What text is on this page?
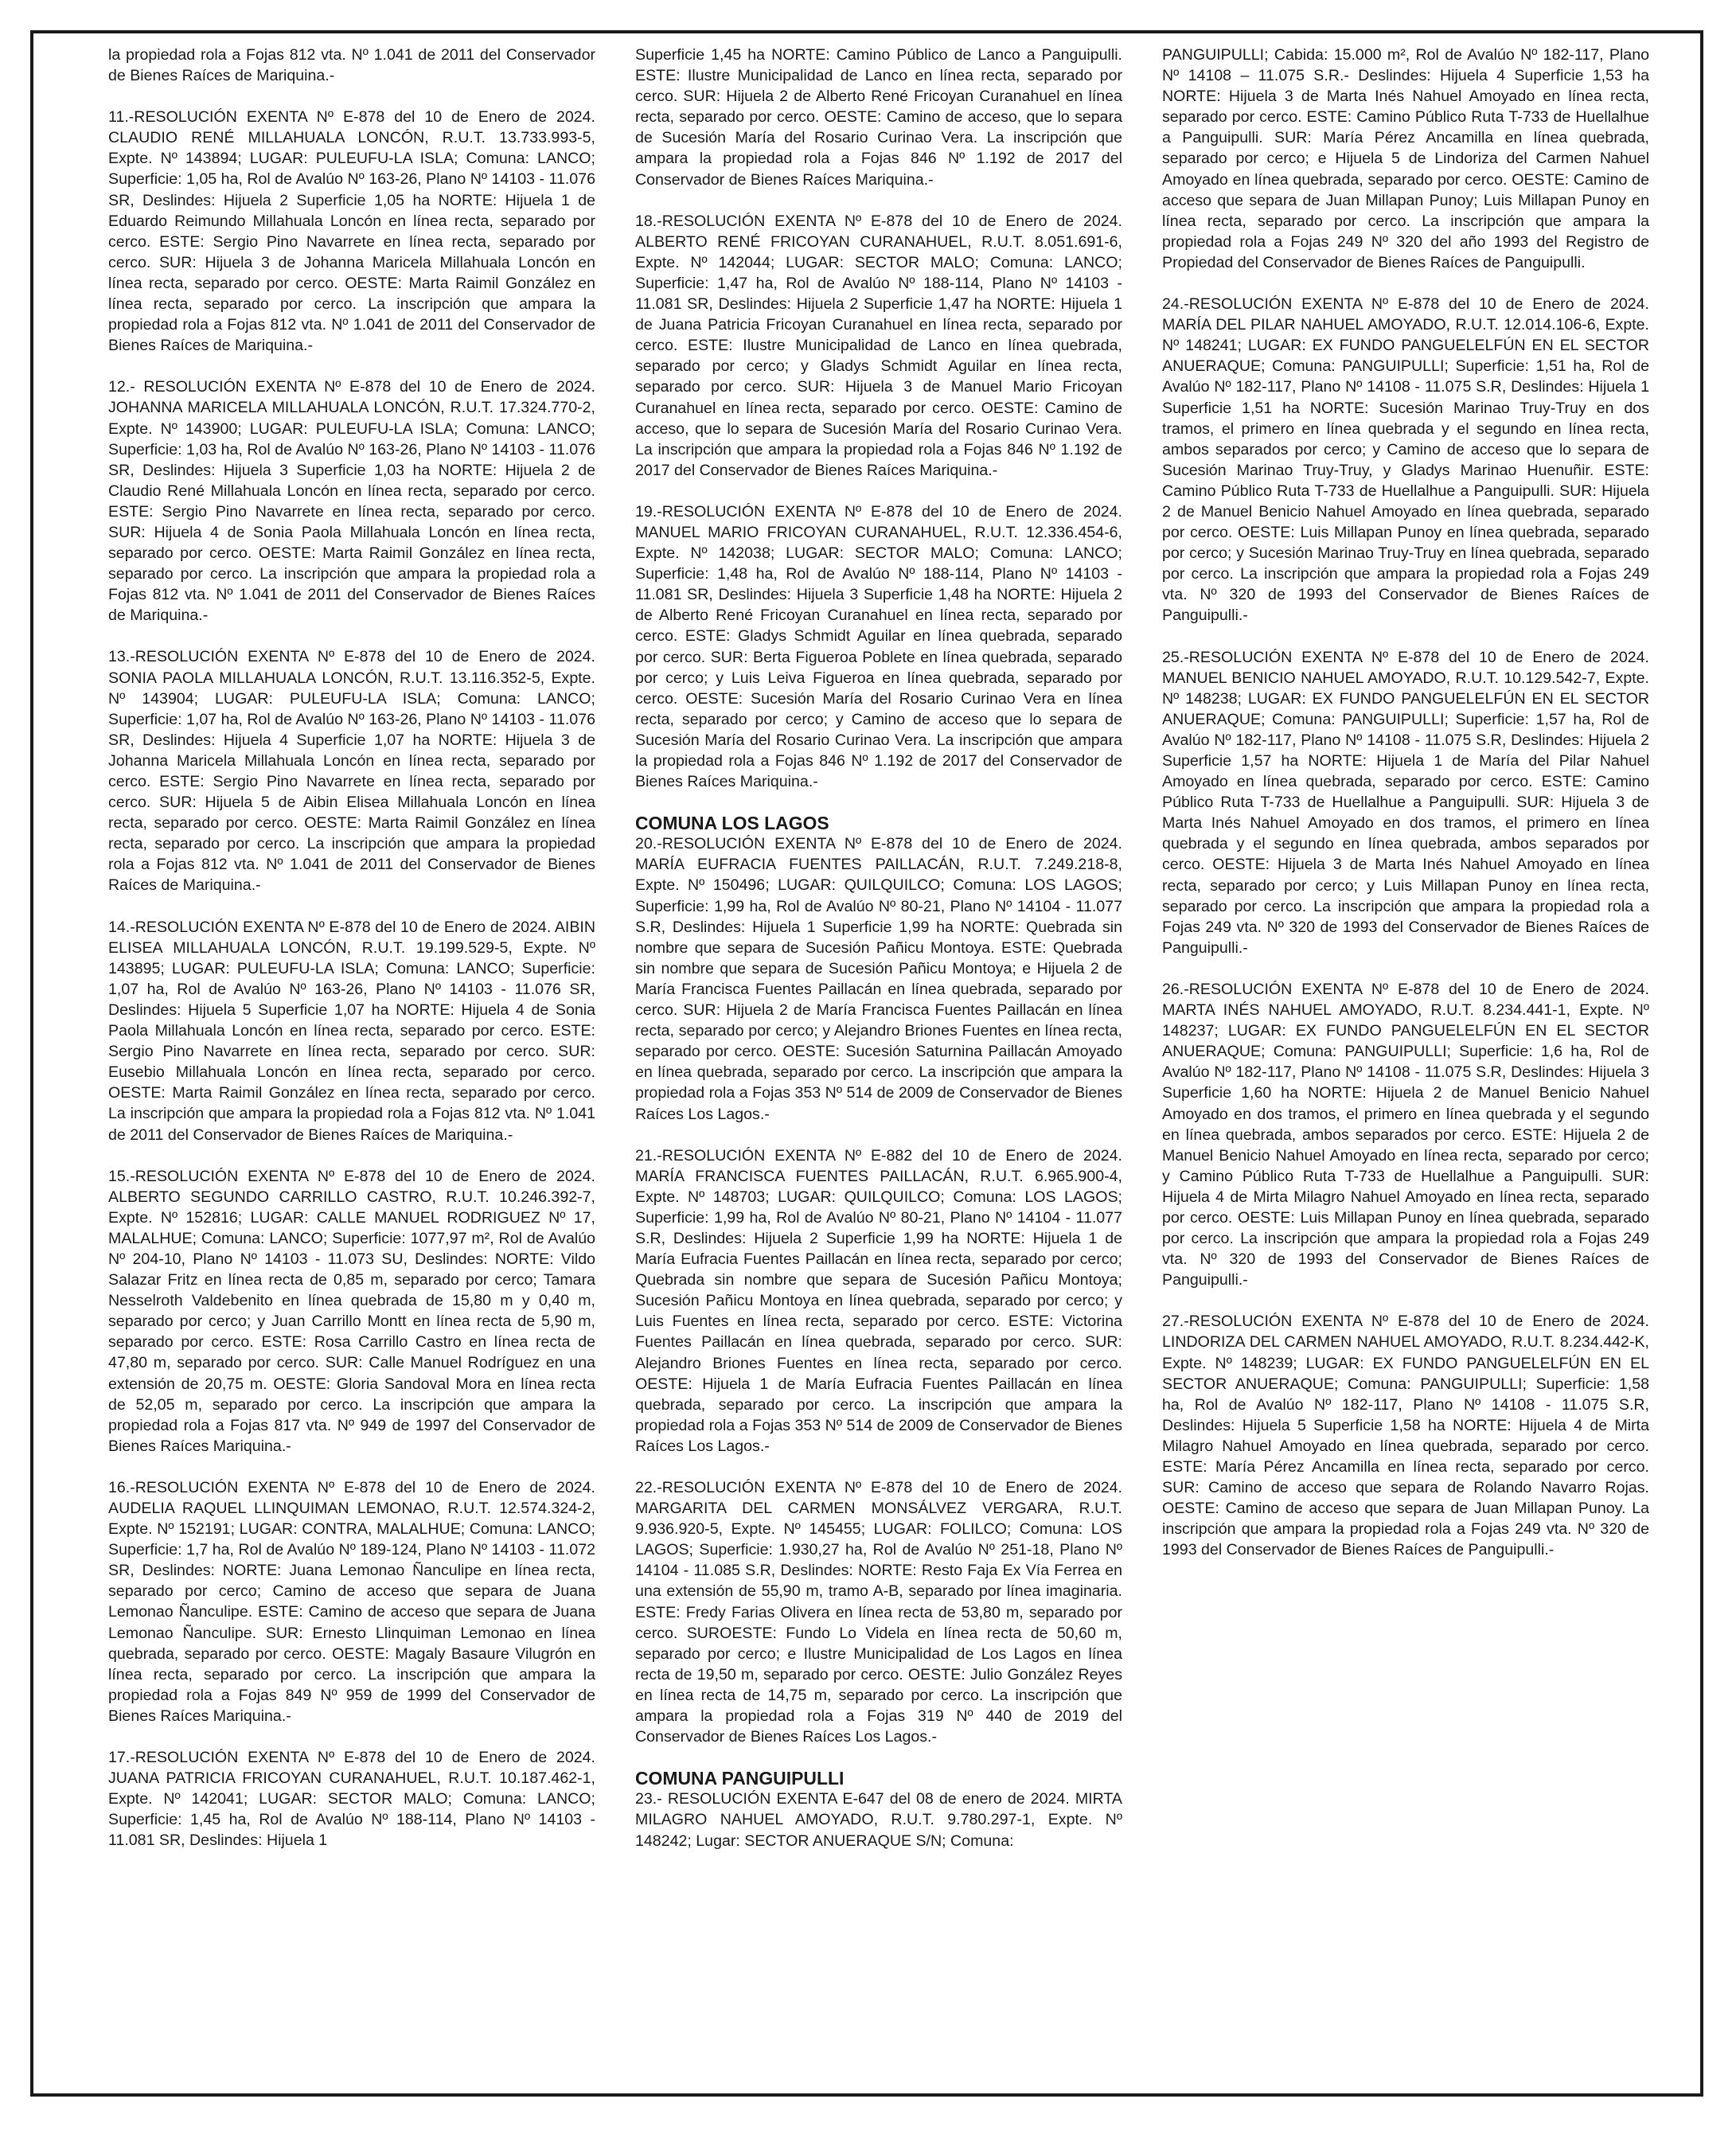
la propiedad rola a Fojas 812 vta. Nº 1.041 de 2011 del Conservador de Bienes Raíces de Mariquina.-

11.-RESOLUCIÓN EXENTA Nº E-878 del 10 de Enero de 2024. CLAUDIO RENÉ MILLAHUALA LONCÓN, R.U.T. 13.733.993-5, Expte. Nº 143894; LUGAR: PULEUFU-LA ISLA; Comuna: LANCO; Superficie: 1,05 ha, Rol de Avalúo Nº 163-26, Plano Nº 14103 - 11.076 SR, Deslindes: Hijuela 2 Superficie 1,05 ha NORTE: Hijuela 1 de Eduardo Reimundo Millahuala Loncón en línea recta, separado por cerco. ESTE: Sergio Pino Navarrete en línea recta, separado por cerco. SUR: Hijuela 3 de Johanna Maricela Millahuala Loncón en línea recta, separado por cerco. OESTE: Marta Raimil González en línea recta, separado por cerco. La inscripción que ampara la propiedad rola a Fojas 812 vta. Nº 1.041 de 2011 del Conservador de Bienes Raíces de Mariquina.-

12.- RESOLUCIÓN EXENTA Nº E-878 del 10 de Enero de 2024. JOHANNA MARICELA MILLAHUALA LONCÓN, R.U.T. 17.324.770-2, Expte. Nº 143900; LUGAR: PULEUFU-LA ISLA; Comuna: LANCO; Superficie: 1,03 ha, Rol de Avalúo Nº 163-26, Plano Nº 14103 - 11.076 SR, Deslindes: Hijuela 3 Superficie 1,03 ha NORTE: Hijuela 2 de Claudio René Millahuala Loncón en línea recta, separado por cerco. ESTE: Sergio Pino Navarrete en línea recta, separado por cerco. SUR: Hijuela 4 de Sonia Paola Millahuala Loncón en línea recta, separado por cerco. OESTE: Marta Raimil González en línea recta, separado por cerco. La inscripción que ampara la propiedad rola a Fojas 812 vta. Nº 1.041 de 2011 del Conservador de Bienes Raíces de Mariquina.-

13.-RESOLUCIÓN EXENTA Nº E-878 del 10 de Enero de 2024. SONIA PAOLA MILLAHUALA LONCÓN, R.U.T. 13.116.352-5, Expte. Nº 143904; LUGAR: PULEUFU-LA ISLA; Comuna: LANCO; Superficie: 1,07 ha, Rol de Avalúo Nº 163-26, Plano Nº 14103 - 11.076 SR, Deslindes: Hijuela 4 Superficie 1,07 ha NORTE: Hijuela 3 de Johanna Maricela Millahuala Loncón en línea recta, separado por cerco. ESTE: Sergio Pino Navarrete en línea recta, separado por cerco. SUR: Hijuela 5 de Aibin Elisea Millahuala Loncón en línea recta, separado por cerco. OESTE: Marta Raimil González en línea recta, separado por cerco. La inscripción que ampara la propiedad rola a Fojas 812 vta. Nº 1.041 de 2011 del Conservador de Bienes Raíces de Mariquina.-

14.-RESOLUCIÓN EXENTA Nº E-878 del 10 de Enero de 2024. AIBIN ELISEA MILLAHUALA LONCÓN, R.U.T. 19.199.529-5, Expte. Nº 143895; LUGAR: PULEUFU-LA ISLA; Comuna: LANCO; Superficie: 1,07 ha, Rol de Avalúo Nº 163-26, Plano Nº 14103 - 11.076 SR, Deslindes: Hijuela 5 Superficie 1,07 ha NORTE: Hijuela 4 de Sonia Paola Millahuala Loncón en línea recta, separado por cerco. ESTE: Sergio Pino Navarrete en línea recta, separado por cerco. SUR: Eusebio Millahuala Loncón en línea recta, separado por cerco. OESTE: Marta Raimil González en línea recta, separado por cerco. La inscripción que ampara la propiedad rola a Fojas 812 vta. Nº 1.041 de 2011 del Conservador de Bienes Raíces de Mariquina.-

15.-RESOLUCIÓN EXENTA Nº E-878 del 10 de Enero de 2024. ALBERTO SEGUNDO CARRILLO CASTRO, R.U.T. 10.246.392-7, Expte. Nº 152816; LUGAR: CALLE MANUEL RODRIGUEZ Nº 17, MALALHUE; Comuna: LANCO; Superficie: 1077,97 m², Rol de Avalúo Nº 204-10, Plano Nº 14103 - 11.073 SU, Deslindes: NORTE: Vildo Salazar Fritz en línea recta de 0,85 m, separado por cerco; Tamara Nesselroth Valdebenito en línea quebrada de 15,80 m y 0,40 m, separado por cerco; y Juan Carrillo Montt en línea recta de 5,90 m, separado por cerco. ESTE: Rosa Carrillo Castro en línea recta de 47,80 m, separado por cerco. SUR: Calle Manuel Rodríguez en una extensión de 20,75 m. OESTE: Gloria Sandoval Mora en línea recta de 52,05 m, separado por cerco. La inscripción que ampara la propiedad rola a Fojas 817 vta. Nº 949 de 1997 del Conservador de Bienes Raíces Mariquina.-

16.-RESOLUCIÓN EXENTA Nº E-878 del 10 de Enero de 2024. AUDELIA RAQUEL LLINQUIMAN LEMONAO, R.U.T. 12.574.324-2, Expte. Nº 152191; LUGAR: CONTRA, MALALHUE; Comuna: LANCO; Superficie: 1,7 ha, Rol de Avalúo Nº 189-124, Plano Nº 14103 - 11.072 SR, Deslindes: NORTE: Juana Lemonao Ñanculipe en línea recta, separado por cerco; Camino de acceso que separa de Juana Lemonao Ñanculipe. ESTE: Camino de acceso que separa de Juana Lemonao Ñanculipe. SUR: Ernesto Llinquiman Lemonao en línea quebrada, separado por cerco. OESTE: Magaly Basaure Vilugrón en línea recta, separado por cerco. La inscripción que ampara la propiedad rola a Fojas 849 Nº 959 de 1999 del Conservador de Bienes Raíces Mariquina.-

17.-RESOLUCIÓN EXENTA Nº E-878 del 10 de Enero de 2024. JUANA PATRICIA FRICOYAN CURANAHUEL, R.U.T. 10.187.462-1, Expte. Nº 142041; LUGAR: SECTOR MALO; Comuna: LANCO; Superficie: 1,45 ha, Rol de Avalúo Nº 188-114, Plano Nº 14103 - 11.081 SR, Deslindes: Hijuela 1

Superficie 1,45 ha NORTE: Camino Público de Lanco a Panguipulli. ESTE: Ilustre Municipalidad de Lanco en línea recta, separado por cerco. SUR: Hijuela 2 de Alberto René Fricoyan Curanahuel en línea recta, separado por cerco. OESTE: Camino de acceso, que lo separa de Sucesión María del Rosario Curinao Vera. La inscripción que ampara la propiedad rola a Fojas 846 Nº 1.192 de 2017 del Conservador de Bienes Raíces Mariquina.-

18.-RESOLUCIÓN EXENTA Nº E-878 del 10 de Enero de 2024. ALBERTO RENÉ FRICOYAN CURANAHUEL, R.U.T. 8.051.691-6, Expte. Nº 142044; LUGAR: SECTOR MALO; Comuna: LANCO; Superficie: 1,47 ha, Rol de Avalúo Nº 188-114, Plano Nº 14103 - 11.081 SR, Deslindes: Hijuela 2 Superficie 1,47 ha NORTE: Hijuela 1 de Juana Patricia Fricoyan Curanahuel en línea recta, separado por cerco. ESTE: Ilustre Municipalidad de Lanco en línea quebrada, separado por cerco; y Gladys Schmidt Aguilar en línea recta, separado por cerco. SUR: Hijuela 3 de Manuel Mario Fricoyan Curanahuel en línea recta, separado por cerco. OESTE: Camino de acceso, que lo separa de Sucesión María del Rosario Curinao Vera. La inscripción que ampara la propiedad rola a Fojas 846 Nº 1.192 de 2017 del Conservador de Bienes Raíces Mariquina.-

19.-RESOLUCIÓN EXENTA Nº E-878 del 10 de Enero de 2024. MANUEL MARIO FRICOYAN CURANAHUEL, R.U.T. 12.336.454-6, Expte. Nº 142038; LUGAR: SECTOR MALO; Comuna: LANCO; Superficie: 1,48 ha, Rol de Avalúo Nº 188-114, Plano Nº 14103 - 11.081 SR, Deslindes: Hijuela 3 Superficie 1,48 ha NORTE: Hijuela 2 de Alberto René Fricoyan Curanahuel en línea recta, separado por cerco. ESTE: Gladys Schmidt Aguilar en línea quebrada, separado por cerco. SUR: Berta Figueroa Poblete en línea quebrada, separado por cerco; y Luis Leiva Figueroa en línea quebrada, separado por cerco. OESTE: Sucesión María del Rosario Curinao Vera en línea recta, separado por cerco; y Camino de acceso que lo separa de Sucesión María del Rosario Curinao Vera. La inscripción que ampara la propiedad rola a Fojas 846 Nº 1.192 de 2017 del Conservador de Bienes Raíces Mariquina.-

COMUNA LOS LAGOS

20.-RESOLUCIÓN EXENTA Nº E-878 del 10 de Enero de 2024. MARÍA EUFRACIA FUENTES PAILLACÁN, R.U.T. 7.249.218-8, Expte. Nº 150496; LUGAR: QUILQUILCO; Comuna: LOS LAGOS; Superficie: 1,99 ha, Rol de Avalúo Nº 80-21, Plano Nº 14104 - 11.077 S.R, Deslindes: Hijuela 1 Superficie 1,99 ha NORTE: Quebrada sin nombre que separa de Sucesión Pañicu Montoya. ESTE: Quebrada sin nombre que separa de Sucesión Pañicu Montoya; e Hijuela 2 de María Francisca Fuentes Paillacán en línea quebrada, separado por cerco. SUR: Hijuela 2 de María Francisca Fuentes Paillacán en línea recta, separado por cerco; y Alejandro Briones Fuentes en línea recta, separado por cerco. OESTE: Sucesión Saturnina Paillacán Amoyado en línea quebrada, separado por cerco. La inscripción que ampara la propiedad rola a Fojas 353 Nº 514 de 2009 de Conservador de Bienes Raíces Los Lagos.-

21.-RESOLUCIÓN EXENTA Nº E-882 del 10 de Enero de 2024. MARÍA FRANCISCA FUENTES PAILLACÁN, R.U.T. 6.965.900-4, Expte. Nº 148703; LUGAR: QUILQUILCO; Comuna: LOS LAGOS; Superficie: 1,99 ha, Rol de Avalúo Nº 80-21, Plano Nº 14104 - 11.077 S.R, Deslindes: Hijuela 2 Superficie 1,99 ha NORTE: Hijuela 1 de María Eufracia Fuentes Paillacán en línea recta, separado por cerco; Quebrada sin nombre que separa de Sucesión Pañicu Montoya; Sucesión Pañicu Montoya en línea quebrada, separado por cerco; y Luis Fuentes en línea recta, separado por cerco. ESTE: Victorina Fuentes Paillacán en línea quebrada, separado por cerco. SUR: Alejandro Briones Fuentes en línea recta, separado por cerco. OESTE: Hijuela 1 de María Eufracia Fuentes Paillacán en línea quebrada, separado por cerco. La inscripción que ampara la propiedad rola a Fojas 353 Nº 514 de 2009 de Conservador de Bienes Raíces Los Lagos.-

22.-RESOLUCIÓN EXENTA Nº E-878 del 10 de Enero de 2024. MARGARITA DEL CARMEN MONSÁLVEZ VERGARA, R.U.T. 9.936.920-5, Expte. Nº 145455; LUGAR: FOLILCO; Comuna: LOS LAGOS; Superficie: 1.930,27 ha, Rol de Avalúo Nº 251-18, Plano Nº 14104 - 11.085 S.R, Deslindes: NORTE: Resto Faja Ex Vía Ferrea en una extensión de 55,90 m, tramo A-B, separado por línea imaginaria. ESTE: Fredy Farias Olivera en línea recta de 53,80 m, separado por cerco. SUROESTE: Fundo Lo Videla en línea recta de 50,60 m, separado por cerco; e Ilustre Municipalidad de Los Lagos en línea recta de 19,50 m, separado por cerco. OESTE: Julio González Reyes en línea recta de 14,75 m, separado por cerco. La inscripción que ampara la propiedad rola a Fojas 319 Nº 440 de 2019 del Conservador de Bienes Raíces Los Lagos.-

COMUNA PANGUIPULLI

23.- RESOLUCIÓN EXENTA E-647 del 08 de enero de 2024. MIRTA MILAGRO NAHUEL AMOYADO, R.U.T. 9.780.297-1, Expte. Nº 148242; Lugar: SECTOR ANUERAQUE S/N; Comuna:

PANGUIPULLI; Cabida: 15.000 m², Rol de Avalúo Nº 182-117, Plano Nº 14108 – 11.075 S.R.- Deslindes: Hijuela 4 Superficie 1,53 ha NORTE: Hijuela 3 de Marta Inés Nahuel Amoyado en línea recta, separado por cerco. ESTE: Camino Público Ruta T-733 de Huellalhue a Panguipulli. SUR: María Pérez Ancamilla en línea quebrada, separado por cerco; e Hijuela 5 de Lindoriza del Carmen Nahuel Amoyado en línea quebrada, separado por cerco. OESTE: Camino de acceso que separa de Juan Millapan Punoy; Luis Millapan Punoy en línea recta, separado por cerco. La inscripción que ampara la propiedad rola a Fojas 249 Nº 320 del año 1993 del Registro de Propiedad del Conservador de Bienes Raíces de Panguipulli.

24.-RESOLUCIÓN EXENTA Nº E-878 del 10 de Enero de 2024. MARÍA DEL PILAR NAHUEL AMOYADO, R.U.T. 12.014.106-6, Expte. Nº 148241; LUGAR: EX FUNDO PANGUELELFÚN EN EL SECTOR ANUERAQUE; Comuna: PANGUIPULLI; Superficie: 1,51 ha, Rol de Avalúo Nº 182-117, Plano Nº 14108 - 11.075 S.R, Deslindes: Hijuela 1 Superficie 1,51 ha NORTE: Sucesión Marinao Truy-Truy en dos tramos, el primero en línea quebrada y el segundo en línea recta, ambos separados por cerco; y Camino de acceso que lo separa de Sucesión Marinao Truy-Truy, y Gladys Marinao Huenuñir. ESTE: Camino Público Ruta T-733 de Huellalhue a Panguipulli. SUR: Hijuela 2 de Manuel Benicio Nahuel Amoyado en línea quebrada, separado por cerco. OESTE: Luis Millapan Punoy en línea quebrada, separado por cerco; y Sucesión Marinao Truy-Truy en línea quebrada, separado por cerco. La inscripción que ampara la propiedad rola a Fojas 249 vta. Nº 320 de 1993 del Conservador de Bienes Raíces de Panguipulli.-

25.-RESOLUCIÓN EXENTA Nº E-878 del 10 de Enero de 2024. MANUEL BENICIO NAHUEL AMOYADO, R.U.T. 10.129.542-7, Expte. Nº 148238; LUGAR: EX FUNDO PANGUELELFÚN EN EL SECTOR ANUERAQUE; Comuna: PANGUIPULLI; Superficie: 1,57 ha, Rol de Avalúo Nº 182-117, Plano Nº 14108 - 11.075 S.R, Deslindes: Hijuela 2 Superficie 1,57 ha NORTE: Hijuela 1 de María del Pilar Nahuel Amoyado en línea quebrada, separado por cerco. ESTE: Camino Público Ruta T-733 de Huellalhue a Panguipulli. SUR: Hijuela 3 de Marta Inés Nahuel Amoyado en dos tramos, el primero en línea quebrada y el segundo en línea quebrada, ambos separados por cerco. OESTE: Hijuela 3 de Marta Inés Nahuel Amoyado en línea recta, separado por cerco; y Luis Millapan Punoy en línea recta, separado por cerco. La inscripción que ampara la propiedad rola a Fojas 249 vta. Nº 320 de 1993 del Conservador de Bienes Raíces de Panguipulli.-

26.-RESOLUCIÓN EXENTA Nº E-878 del 10 de Enero de 2024. MARTA INÉS NAHUEL AMOYADO, R.U.T. 8.234.441-1, Expte. Nº 148237; LUGAR: EX FUNDO PANGUELELFÚN EN EL SECTOR ANUERAQUE; Comuna: PANGUIPULLI; Superficie: 1,6 ha, Rol de Avalúo Nº 182-117, Plano Nº 14108 - 11.075 S.R, Deslindes: Hijuela 3 Superficie 1,60 ha NORTE: Hijuela 2 de Manuel Benicio Nahuel Amoyado en dos tramos, el primero en línea quebrada y el segundo en línea quebrada, ambos separados por cerco. ESTE: Hijuela 2 de Manuel Benicio Nahuel Amoyado en línea recta, separado por cerco; y Camino Público Ruta T-733 de Huellalhue a Panguipulli. SUR: Hijuela 4 de Mirta Milagro Nahuel Amoyado en línea recta, separado por cerco. OESTE: Luis Millapan Punoy en línea quebrada, separado por cerco. La inscripción que ampara la propiedad rola a Fojas 249 vta. Nº 320 de 1993 del Conservador de Bienes Raíces de Panguipulli.-

27.-RESOLUCIÓN EXENTA Nº E-878 del 10 de Enero de 2024. LINDORIZA DEL CARMEN NAHUEL AMOYADO, R.U.T. 8.234.442-K, Expte. Nº 148239; LUGAR: EX FUNDO PANGUELELFÚN EN EL SECTOR ANUERAQUE; Comuna: PANGUIPULLI; Superficie: 1,58 ha, Rol de Avalúo Nº 182-117, Plano Nº 14108 - 11.075 S.R, Deslindes: Hijuela 5 Superficie 1,58 ha NORTE: Hijuela 4 de Mirta Milagro Nahuel Amoyado en línea quebrada, separado por cerco. ESTE: María Pérez Ancamilla en línea recta, separado por cerco. SUR: Camino de acceso que separa de Rolando Navarro Rojas. OESTE: Camino de acceso que separa de Juan Millapan Punoy. La inscripción que ampara la propiedad rola a Fojas 249 vta. Nº 320 de 1993 del Conservador de Bienes Raíces de Panguipulli.-
